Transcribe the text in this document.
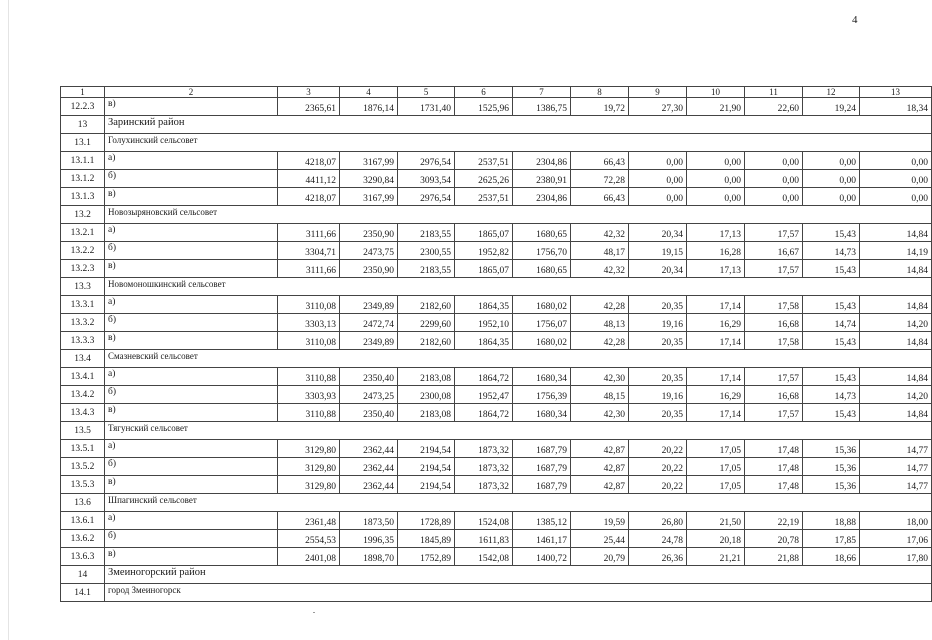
4
1	2	3	4	5	6	7	8	9	10	11	12	13
12.2.3	в)	2365,61	1876,14	1731,40	1525,96	1386,75	19,72	27,30	21,90	22,60	19,24	18,34
13	Заринский район											
13.1	Голухинский сельсовет											
13.1.1	а)	4218,07	3167,99	2976,54	2537,51	2304,86	66,43	0,00	0,00	0,00	0,00	0,00
13.1.2	б)	4411,12	3290,84	3093,54	2625,26	2380,91	72,28	0,00	0,00	0,00	0,00	0,00
13.1.3	в)	4218,07	3167,99	2976,54	2537,51	2304,86	66,43	0,00	0,00	0,00	0,00	0,00
13.2	Новозыряновский сельсовет											
13.2.1	а)	3111,66	2350,90	2183,55	1865,07	1680,65	42,32	20,34	17,13	17,57	15,43	14,84
13.2.2	б)	3304,71	2473,75	2300,55	1952,82	1756,70	48,17	19,15	16,28	16,67	14,73	14,19
13.2.3	в)	3111,66	2350,90	2183,55	1865,07	1680,65	42,32	20,34	17,13	17,57	15,43	14,84
13.3	Новомоношкинский сельсовет											
13.3.1	а)	3110,08	2349,89	2182,60	1864,35	1680,02	42,28	20,35	17,14	17,58	15,43	14,84
13.3.2	б)	3303,13	2472,74	2299,60	1952,10	1756,07	48,13	19,16	16,29	16,68	14,74	14,20
13.3.3	в)	3110,08	2349,89	2182,60	1864,35	1680,02	42,28	20,35	17,14	17,58	15,43	14,84
13.4	Смазневский сельсовет											
13.4.1	а)	3110,88	2350,40	2183,08	1864,72	1680,34	42,30	20,35	17,14	17,57	15,43	14,84
13.4.2	б)	3303,93	2473,25	2300,08	1952,47	1756,39	48,15	19,16	16,29	16,68	14,73	14,20
13.4.3	в)	3110,88	2350,40	2183,08	1864,72	1680,34	42,30	20,35	17,14	17,57	15,43	14,84
13.5	Тягунский сельсовет											
13.5.1	а)	3129,80	2362,44	2194,54	1873,32	1687,79	42,87	20,22	17,05	17,48	15,36	14,77
13.5.2	б)	3129,80	2362,44	2194,54	1873,32	1687,79	42,87	20,22	17,05	17,48	15,36	14,77
13.5.3	в)	3129,80	2362,44	2194,54	1873,32	1687,79	42,87	20,22	17,05	17,48	15,36	14,77
13.6	Шпагинский сельсовет											
13.6.1	а)	2361,48	1873,50	1728,89	1524,08	1385,12	19,59	26,80	21,50	22,19	18,88	18,00
13.6.2	б)	2554,53	1996,35	1845,89	1611,83	1461,17	25,44	24,78	20,18	20,78	17,85	17,06
13.6.3	в)	2401,08	1898,70	1752,89	1542,08	1400,72	20,79	26,36	21,21	21,88	18,66	17,80
14	Змеиногорский район											
14.1	город Змеиногорск											
